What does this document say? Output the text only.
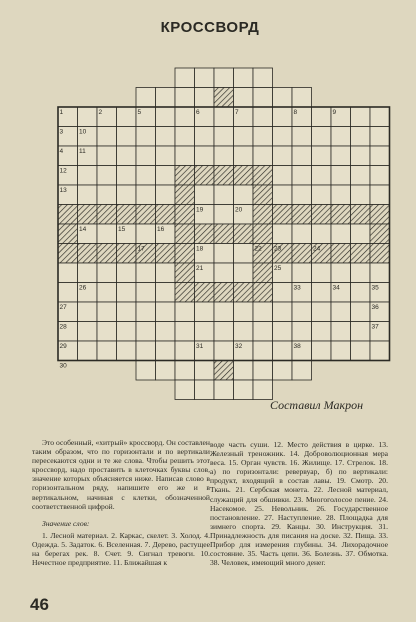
КРОССВОРД
1	2
3
4
5	6	7	8	9
10
11
12
13
14	15	16
17	18
19	20
21
22 23	24
25
26
27
28
29
30
31	32
33	34	35
36
37
38
Составил Макрон

Это особенный, «хитрый» кроссворд. Он составлен таким образом, что по горизонтали и по вертикали пересекаются одни и те же слова. Чтобы решить этот кроссворд, надо проставить в клеточках буквы слов, значение которых объясняется ниже. Написав слово в горизонтальном ряду, напишите его же и в вертикальном, начиная с клетки, обозначенной соответственной цифрой.

Значение слов:

1. Лесной материал. 2. Каркас, скелет. 3. Холод. 4. Одежда. 5. Задаток. 6. Вселенная. 7. Дерево, растущее на берегах рек. 8. Счет. 9. Сигнал тревоги. 10. Нечестное предприятие. 11. Ближайшая к

воде часть суши. 12. Место действия в цирке. 13. Железный треножник. 14. Доброволюционная мера веса. 15. Орган чувств. 16. Жилище. 17. Стрелок. 18. а) по горизонтали: ревервуар, б) по вертикали: продукт, входящий в состав лавы. 19. Смотр. 20. Ткань. 21. Сербская монета. 22. Лесной материал, служащий для обшивки. 23. Многоголосое пение. 24. Насекомое. 25. Невольник. 26. Государственное постановление. 27. Наступление. 28. Площадка для зимнего спорта. 29. Канцы. 30. Инструкция. 31. Принадлежность для писания на доске. 32. Пища. 33. Прибор для измерения глубины. 34. Лихорадочное состояние. 35. Часть цепи. 36. Болезнь. 37. Обмотка. 38. Человек, имеющий много денег.

46
